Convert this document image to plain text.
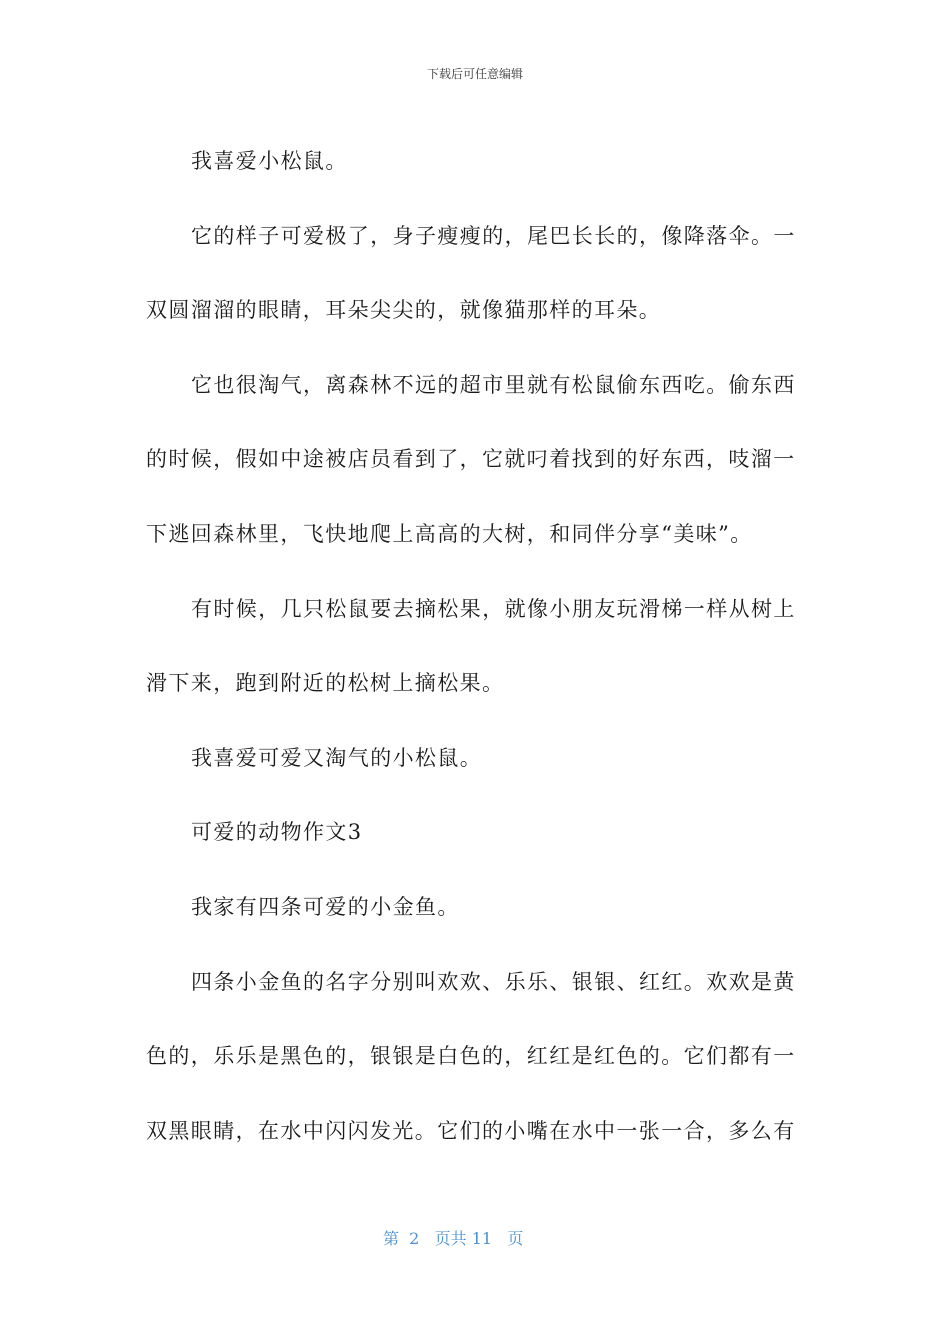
下载后可任意编辑
我喜爱小松鼠。
它的样子可爱极了，身子瘦瘦的，尾巴长长的，像降落伞。一
双圆溜溜的眼睛，耳朵尖尖的，就像猫那样的耳朵。
它也很淘气，离森林不远的超市里就有松鼠偷东西吃。偷东西
的时候，假如中途被店员看到了，它就叼着找到的好东西，吱溜一
下逃回森林里，飞快地爬上高高的大树，和同伴分享“美味”。
有时候，几只松鼠要去摘松果，就像小朋友玩滑梯一样从树上
滑下来，跑到附近的松树上摘松果。
我喜爱可爱又淘气的小松鼠。
可爱的动物作文3
我家有四条可爱的小金鱼。
四条小金鱼的名字分别叫欢欢、乐乐、银银、红红。欢欢是黄
色的，乐乐是黑色的，银银是白色的，红红是红色的。它们都有一
双黑眼睛，在水中闪闪发光。它们的小嘴在水中一张一合，多么有
第  2   页共 11   页
